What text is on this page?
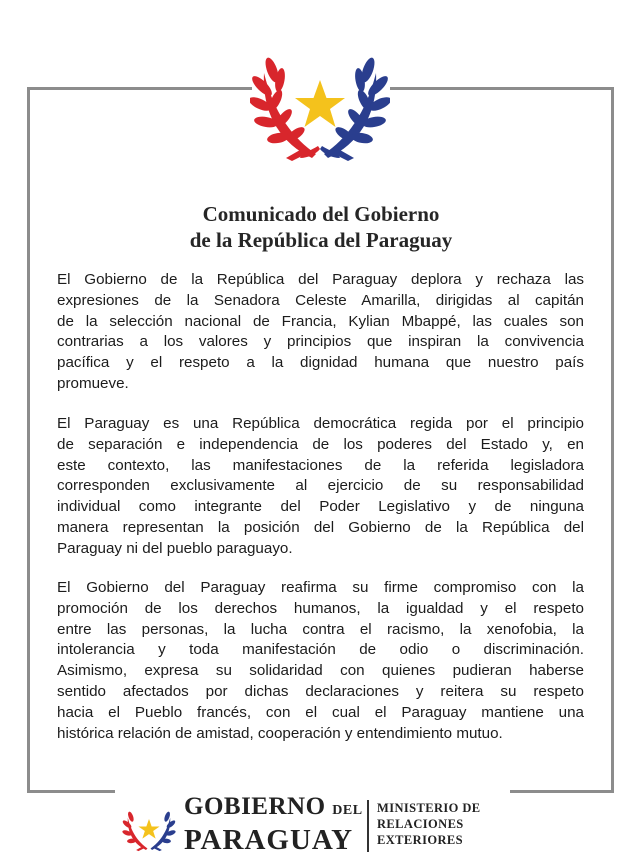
Comunicado del Gobierno
de la República del Paraguay
El Gobierno de la República del Paraguay deplora y rechaza las
expresiones de la Senadora Celeste Amarilla, dirigidas al capitán
de la selección nacional de Francia, Kylian Mbappé, las cuales son
contrarias a los valores y principios que inspiran la convivencia
pacífica y el respeto a la dignidad humana que nuestro país
promueve.
El Paraguay es una República democrática regida por el principio
de separación e independencia de los poderes del Estado y, en
este contexto, las manifestaciones de la referida legisladora
corresponden exclusivamente al ejercicio de su responsabilidad
individual como integrante del Poder Legislativo y de ninguna
manera representan la posición del Gobierno de la República del
Paraguay ni del pueblo paraguayo.
El Gobierno del Paraguay reafirma su firme compromiso con la
promoción de los derechos humanos, la igualdad y el respeto
entre las personas, la lucha contra el racismo, la xenofobia, la
intolerancia y toda manifestación de odio o discriminación.
Asimismo, expresa su solidaridad con quienes pudieran haberse
sentido afectados por dichas declaraciones y reitera su respeto
hacia el Pueblo francés, con el cual el Paraguay mantiene una
histórica relación de amistad, cooperación y entendimiento mutuo.
GOBIERNO DEL
PARAGUAY
MINISTERIO DE
RELACIONES
EXTERIORES
